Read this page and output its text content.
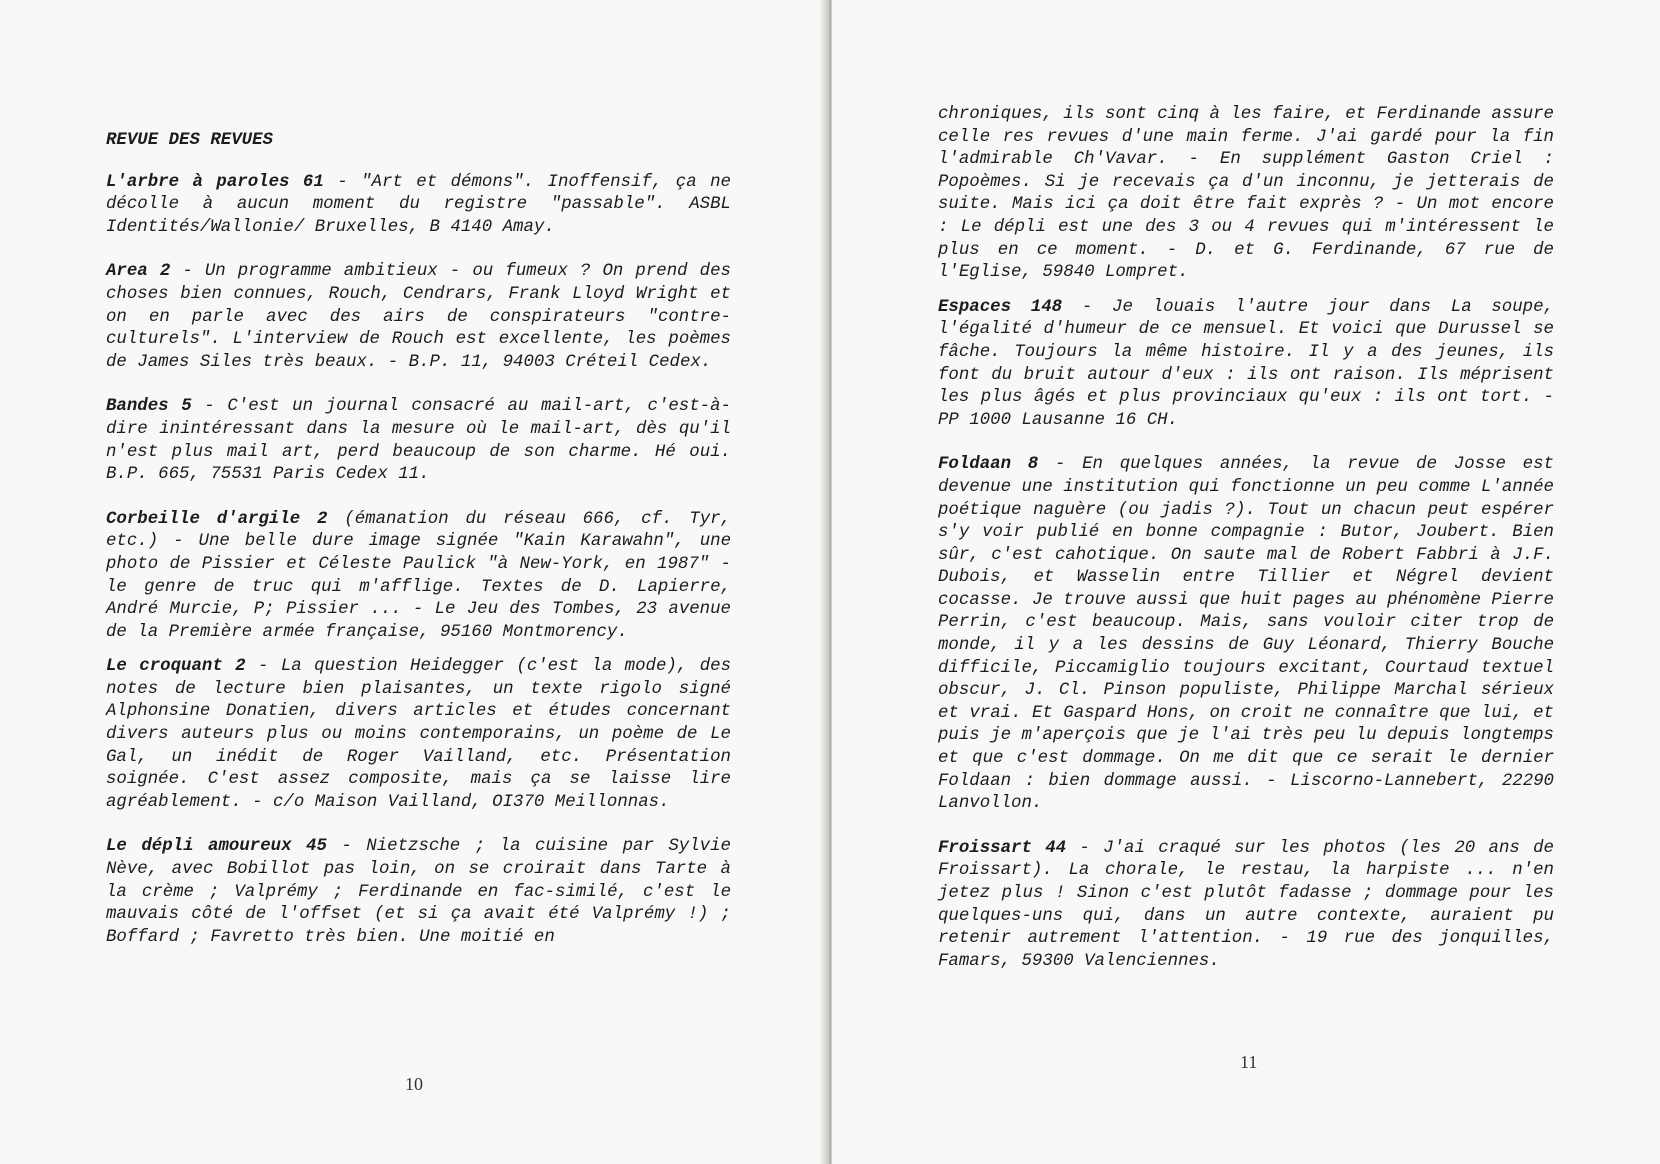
REVUE DES REVUES

L'arbre à paroles 61 - "Art et démons". Inoffensif, ça ne décolle à aucun moment du registre "passable". ASBL Identités/Wallonie/ Bruxelles, B 4140 Amay.

Area 2 - Un programme ambitieux - ou fumeux ? On prend des choses bien connues, Rouch, Cendrars, Frank Lloyd Wright et on en parle avec des airs de conspirateurs "contre-culturels". L'interview de Rouch est excellente, les poèmes de James Siles très beaux. - B.P. 11, 94003 Créteil Cedex.

Bandes 5 - C'est un journal consacré au mail-art, c'est-à-dire inintéressant dans la mesure où le mail-art, dès qu'il n'est plus mail art, perd beaucoup de son charme. Hé oui. B.P. 665, 75531 Paris Cedex 11.

Corbeille d'argile 2 (émanation du réseau 666, cf. Tyr, etc.) - Une belle dure image signée "Kain Karawahn", une photo de Pissier et Céleste Paulick "à New-York, en 1987" - le genre de truc qui m'afflige. Textes de D. Lapierre, André Murcie, P; Pissier ... - Le Jeu des Tombes, 23 avenue de la Première armée française, 95160 Montmorency.

Le croquant 2 - La question Heidegger (c'est la mode), des notes de lecture bien plaisantes, un texte rigolo signé Alphonsine Donatien, divers articles et études concernant divers auteurs plus ou moins contemporains, un poème de Le Gal, un inédit de Roger Vailland, etc. Présentation soignée. C'est assez composite, mais ça se laisse lire agréablement. - c/o Maison Vailland, OI370 Meillonnas.

Le dépli amoureux 45 - Nietzsche ; la cuisine par Sylvie Nève, avec Bobillot pas loin, on se croirait dans Tarte à la crème ; Valprémy ; Ferdinande en fac-similé, c'est le mauvais côté de l'offset (et si ça avait été Valprémy !) ; Boffard ; Favretto très bien. Une moitié en

10

chroniques, ils sont cinq à les faire, et Ferdinande assure celle res revues d'une main ferme. J'ai gardé pour la fin l'admirable Ch'Vavar. - En supplément Gaston Criel : Popoèmes. Si je recevais ça d'un inconnu, je jetterais de suite. Mais ici ça doit être fait exprès ? - Un mot encore : Le dépli est une des 3 ou 4 revues qui m'intéressent le plus en ce moment. - D. et G. Ferdinande, 67 rue de l'Eglise, 59840 Lompret.

Espaces 148 - Je louais l'autre jour dans La soupe, l'égalité d'humeur de ce mensuel. Et voici que Durussel se fâche. Toujours la même histoire. Il y a des jeunes, ils font du bruit autour d'eux : ils ont raison. Ils méprisent les plus âgés et plus provinciaux qu'eux : ils ont tort. - PP 1000 Lausanne 16 CH.

Foldaan 8 - En quelques années, la revue de Josse est devenue une institution qui fonctionne un peu comme L'année poétique naguère (ou jadis ?). Tout un chacun peut espérer s'y voir publié en bonne compagnie : Butor, Joubert. Bien sûr, c'est cahotique. On saute mal de Robert Fabbri à J.F. Dubois, et Wasselin entre Tillier et Négrel devient cocasse. Je trouve aussi que huit pages au phénomène Pierre Perrin, c'est beaucoup. Mais, sans vouloir citer trop de monde, il y a les dessins de Guy Léonard, Thierry Bouche difficile, Piccamiglio toujours excitant, Courtaud textuel obscur, J. Cl. Pinson populiste, Philippe Marchal sérieux et vrai. Et Gaspard Hons, on croit ne connaître que lui, et puis je m'aperçois que je l'ai très peu lu depuis longtemps et que c'est dommage. On me dit que ce serait le dernier Foldaan : bien dommage aussi. - Liscorno-Lannebert, 22290 Lanvollon.

Froissart 44 - J'ai craqué sur les photos (les 20 ans de Froissart). La chorale, le restau, la harpiste ... n'en jetez plus ! Sinon c'est plutôt fadasse ; dommage pour les quelques-uns qui, dans un autre contexte, auraient pu retenir autrement l'attention. - 19 rue des jonquilles, Famars, 59300 Valenciennes.

11
